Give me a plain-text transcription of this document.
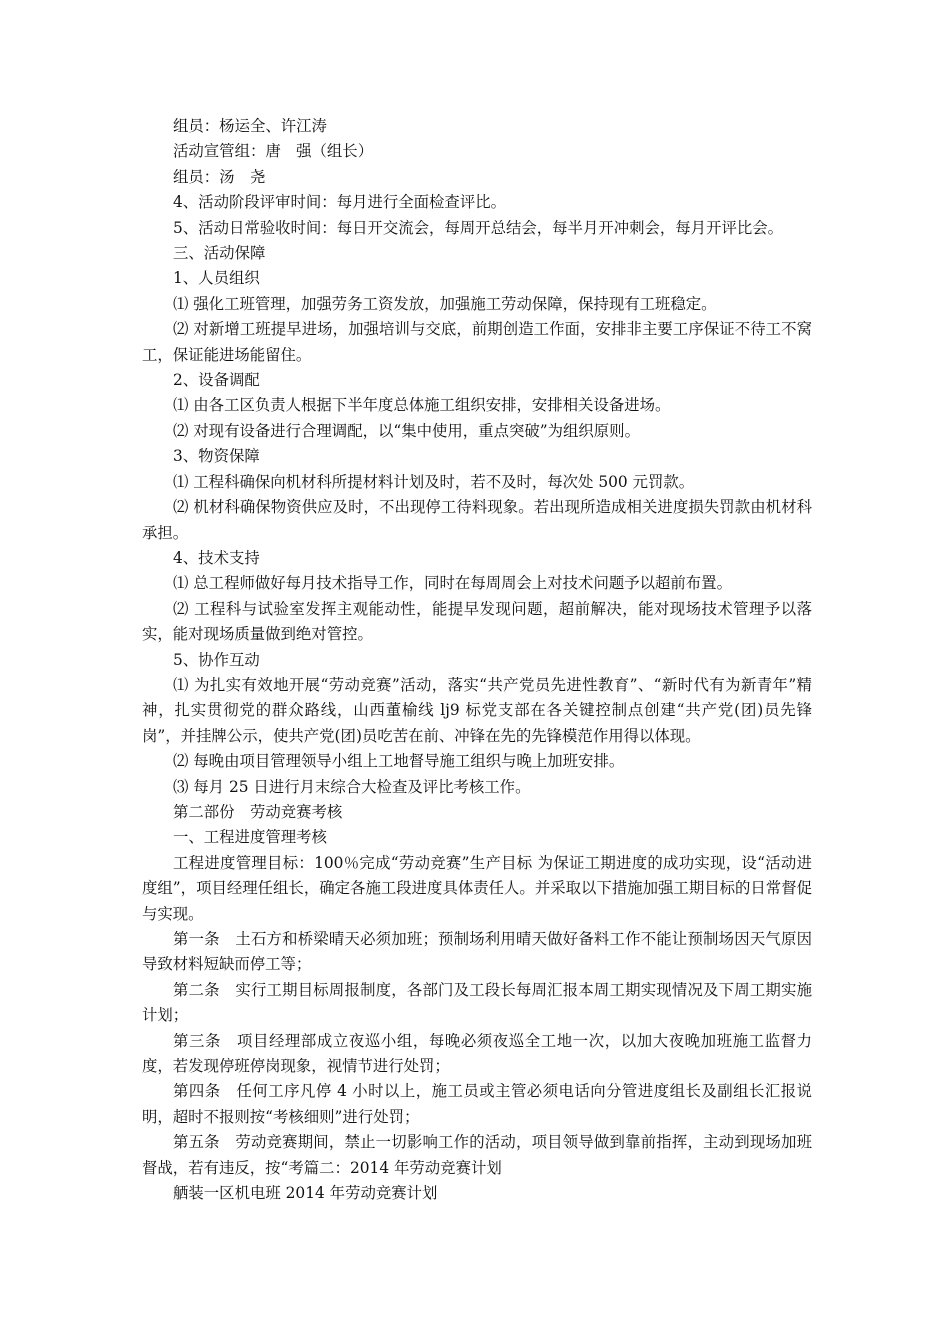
组员：杨运全、许江涛

活动宣管组：唐　强（组长）

组员：汤　尧

4、活动阶段评审时间：每月进行全面检查评比。

5、活动日常验收时间：每日开交流会，每周开总结会，每半月开冲刺会，每月开评比会。

三、活动保障

1、人员组织

⑴ 强化工班管理，加强劳务工资发放，加强施工劳动保障，保持现有工班稳定。

⑵ 对新增工班提早进场，加强培训与交底，前期创造工作面，安排非主要工序保证不待工不窝工，保证能进场能留住。

2、设备调配

⑴ 由各工区负责人根据下半年度总体施工组织安排，安排相关设备进场。

⑵ 对现有设备进行合理调配，以“集中使用，重点突破”为组织原则。

3、物资保障

⑴ 工程科确保向机材科所提材料计划及时，若不及时，每次处 500 元罚款。

⑵ 机材科确保物资供应及时，不出现停工待料现象。若出现所造成相关进度损失罚款由机材科承担。

4、技术支持

⑴ 总工程师做好每月技术指导工作，同时在每周周会上对技术问题予以超前布置。

⑵ 工程科与试验室发挥主观能动性，能提早发现问题，超前解决，能对现场技术管理予以落实，能对现场质量做到绝对管控。

5、协作互动

⑴ 为扎实有效地开展“劳动竞赛”活动，落实“共产党员先进性教育”、“新时代有为新青年”精神，扎实贯彻党的群众路线，山西董榆线 lj9 标党支部在各关键控制点创建“共产党(团)员先锋岗”，并挂牌公示，使共产党(团)员吃苦在前、冲锋在先的先锋模范作用得以体现。

⑵ 每晚由项目管理领导小组上工地督导施工组织与晚上加班安排。

⑶ 每月 25 日进行月末综合大检查及评比考核工作。

第二部份　劳动竞赛考核

一、工程进度管理考核

工程进度管理目标：100％完成“劳动竞赛”生产目标 为保证工期进度的成功实现，设“活动进度组”，项目经理任组长，确定各施工段进度具体责任人。并采取以下措施加强工期目标的日常督促与实现。

第一条　土石方和桥梁晴天必须加班；预制场利用晴天做好备料工作不能让预制场因天气原因导致材料短缺而停工等；

第二条　实行工期目标周报制度，各部门及工段长每周汇报本周工期实现情况及下周工期实施计划；

第三条　项目经理部成立夜巡小组，每晚必须夜巡全工地一次，以加大夜晚加班施工监督力度，若发现停班停岗现象，视情节进行处罚；

第四条　任何工序凡停 4 小时以上，施工员或主管必须电话向分管进度组长及副组长汇报说明，超时不报则按“考核细则”进行处罚；

第五条　劳动竞赛期间，禁止一切影响工作的活动，项目领导做到靠前指挥，主动到现场加班督战，若有违反，按“考篇二：2014 年劳动竞赛计划

舾装一区机电班 2014 年劳动竞赛计划
